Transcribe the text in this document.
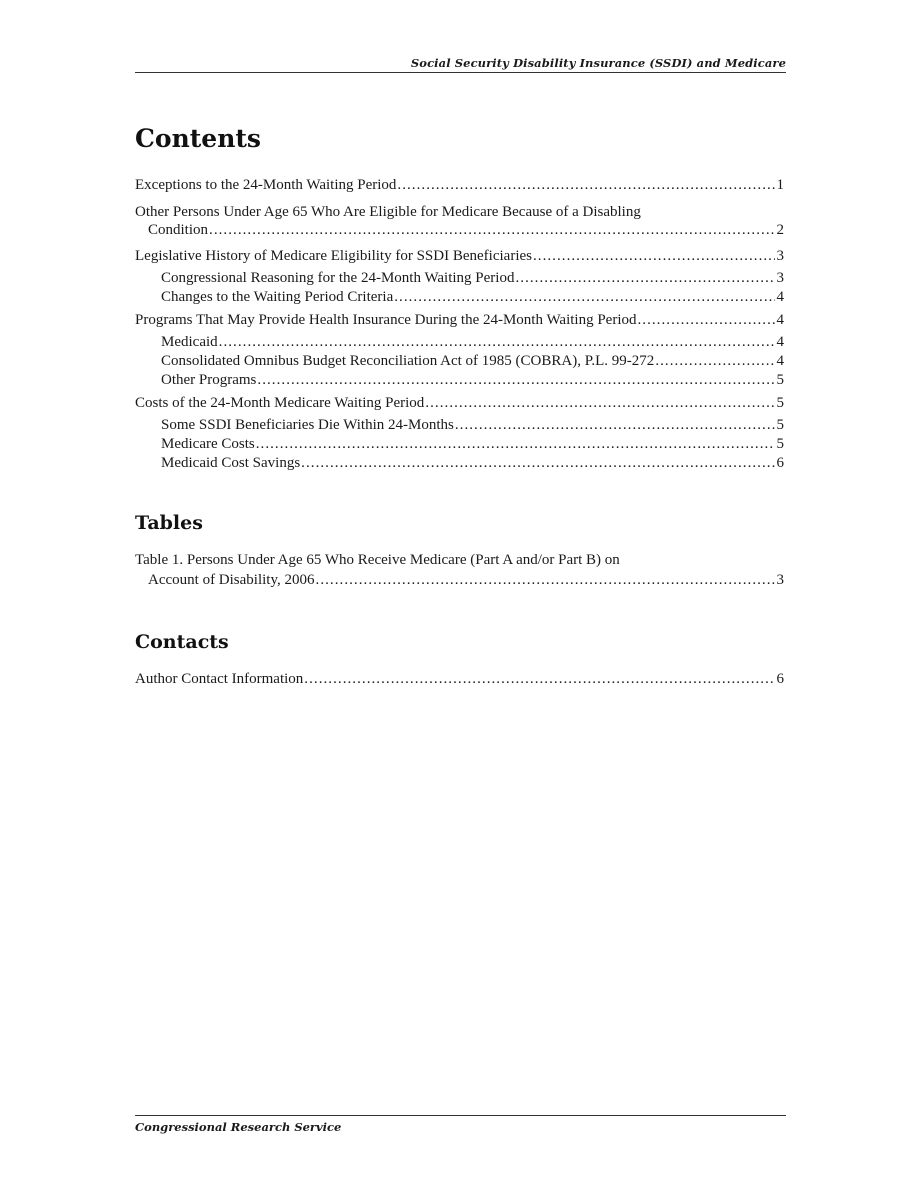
Social Security Disability Insurance (SSDI) and Medicare
Contents
Exceptions to the 24-Month Waiting Period . . .	1
Other Persons Under Age 65 Who Are Eligible for Medicare Because of a Disabling
Condition . . .	2
Legislative History of Medicare Eligibility for SSDI Beneficiaries . . .	3
Congressional Reasoning for the 24-Month Waiting Period . . .	3
Changes to the Waiting Period Criteria . . .	4
Programs That May Provide Health Insurance During the 24-Month Waiting Period . . .	4
Medicaid . . .	4
Consolidated Omnibus Budget Reconciliation Act of 1985 (COBRA), P.L. 99-272 . . .	4
Other Programs . . .	5
Costs of the 24-Month Medicare Waiting Period . . .	5
Some SSDI Beneficiaries Die Within 24-Months . . .	5
Medicare Costs . . .	5
Medicaid Cost Savings . . .	6
Tables
Table 1. Persons Under Age 65 Who Receive Medicare (Part A and/or Part B) on
Account of Disability, 2006 . . .	3
Contacts
Author Contact Information . . .	6
Congressional Research Service
